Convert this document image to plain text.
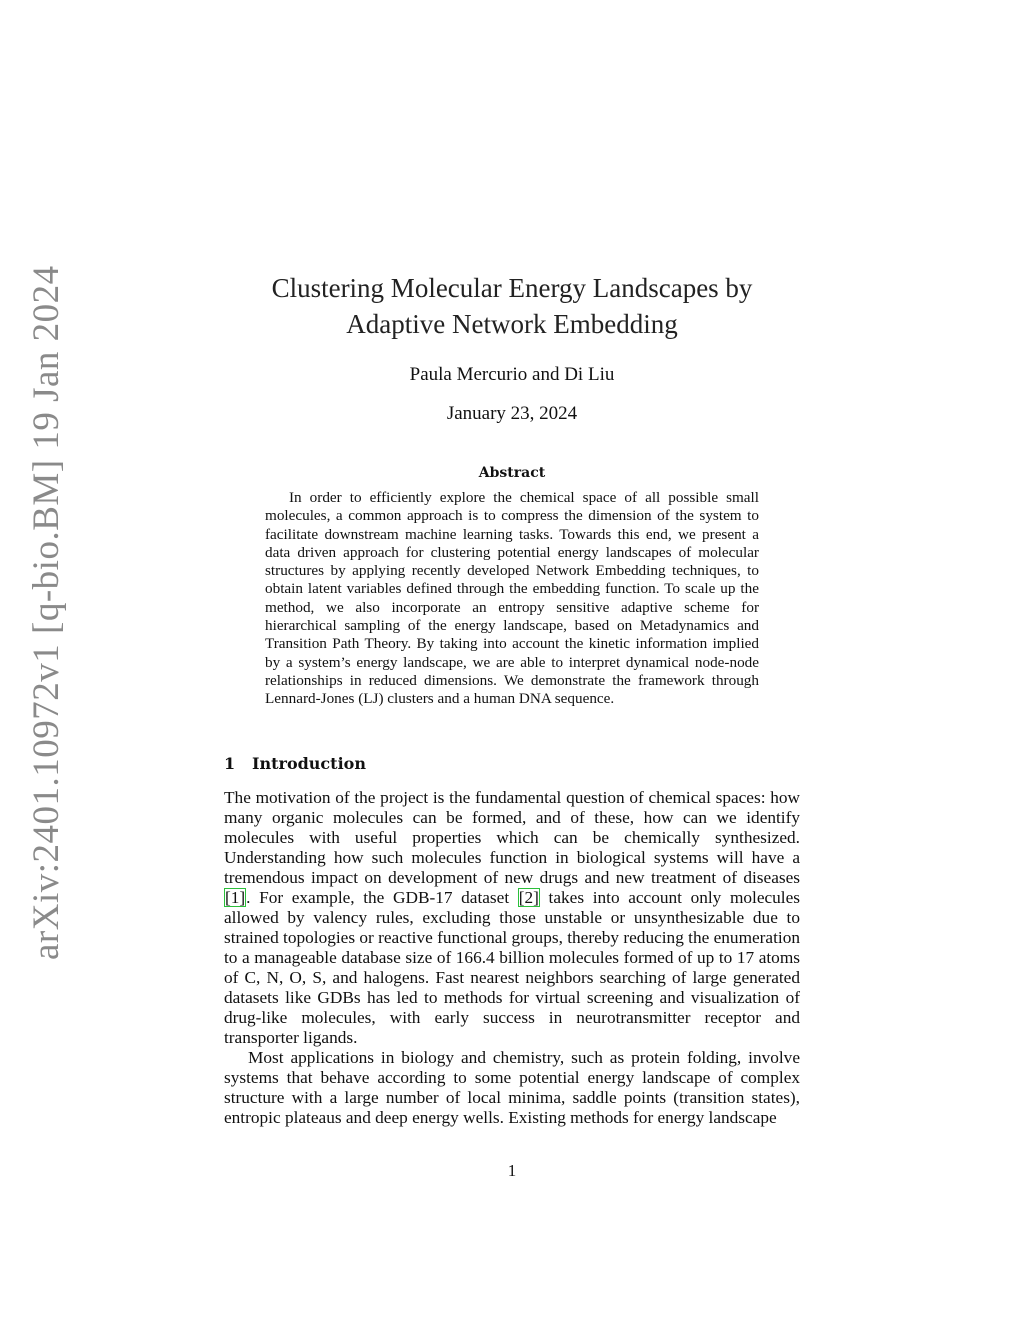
arXiv:2401.10972v1 [q-bio.BM] 19 Jan 2024	Clustering Molecular Energy Landscapes by
Adaptive Network Embedding
Paula Mercurio and Di Liu
January 23, 2024
Abstract
In order to efficiently explore the chemical space of all possible small molecules, a common approach is to compress the dimension of the system to facilitate downstream machine learning tasks. Towards this end, we present a data driven approach for clustering potential energy landscapes of molecular structures by applying recently developed Network Embedding techniques, to obtain latent variables defined through the embedding function. To scale up the method, we also incorporate an entropy sensitive adaptive scheme for hierarchical sampling of the energy landscape, based on Metadynamics and Transition Path Theory. By taking into account the kinetic information implied by a system’s energy landscape, we are able to interpret dynamical node-node relationships in reduced dimensions. We demonstrate the framework through Lennard-Jones (LJ) clusters and a human DNA sequence.
1 Introduction

The motivation of the project is the fundamental question of chemical spaces: how many organic molecules can be formed, and of these, how can we identify molecules with useful properties which can be chemically synthesized. Understanding how such molecules function in biological systems will have a tremendous impact on development of new drugs and new treatment of diseases [1]. For example, the GDB-17 dataset [2] takes into account only molecules allowed by valency rules, excluding those unstable or unsynthesizable due to strained topologies or reactive functional groups, thereby reducing the enumeration to a manageable database size of 166.4 billion molecules formed of up to 17 atoms of C, N, O, S, and halogens. Fast nearest neighbors searching of large generated datasets like GDBs has led to methods for virtual screening and visualization of drug-like molecules, with early success in neurotransmitter receptor and transporter ligands.

Most applications in biology and chemistry, such as protein folding, involve systems that behave according to some potential energy landscape of complex structure with a large number of local minima, saddle points (transition states), entropic plateaus and deep energy wells. Existing methods for energy landscape

1
